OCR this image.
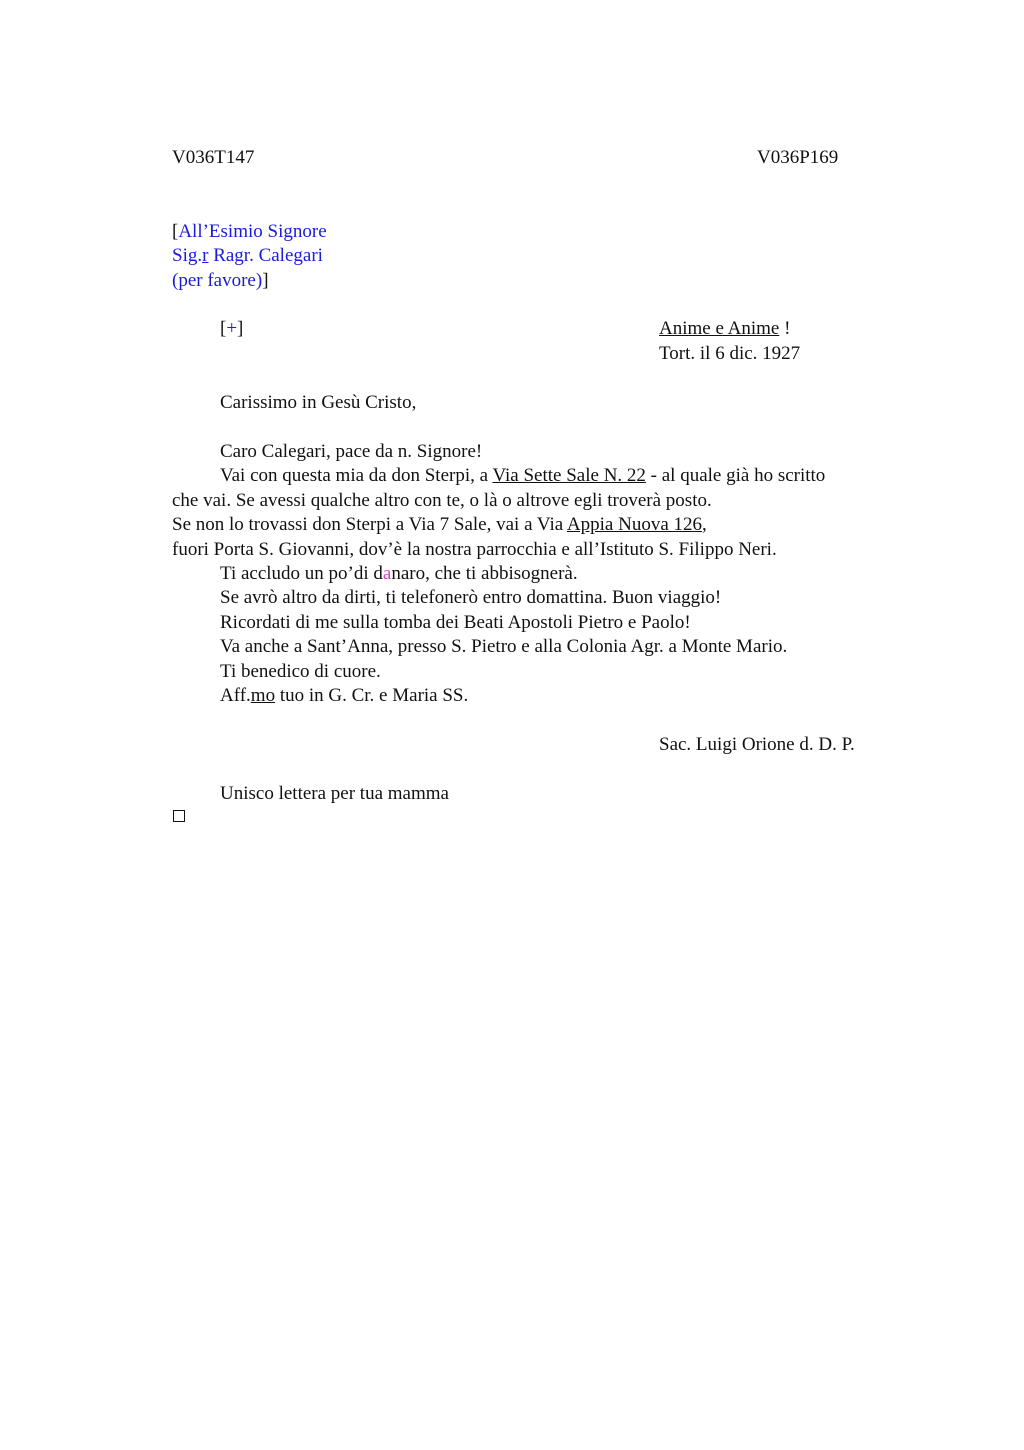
V036T147	V036P169
[All’Esimio Signore
Sig.r Ragr. Calegari
(per favore)]
[+]	Anime e Anime !
Tort. il 6 dic. 1927
Carissimo in Gesù Cristo,
Caro Calegari, pace da n. Signore!
Vai con questa mia da don Sterpi, a Via Sette Sale N. 22 - al quale già ho scritto
che vai. Se avessi qualche altro con te, o là o altrove egli troverà posto.
Se non lo trovassi don Sterpi a Via 7 Sale, vai a Via Appia Nuova 126,
fuori Porta S. Giovanni, dov’è la nostra parrocchia e all’Istituto S. Filippo Neri.
Ti accludo un po’di danaro, che ti abbisognerà.
Se avrò altro da dirti, ti telefonerò entro domattina. Buon viaggio!
Ricordati di me sulla tomba dei Beati Apostoli Pietro e Paolo!
Va anche a Sant’Anna, presso S. Pietro e alla Colonia Agr. a Monte Mario.
Ti benedico di cuore.
Aff.mo tuo in G. Cr. e Maria SS.
Sac. Luigi Orione d. D. P.
Unisco lettera per tua mamma
